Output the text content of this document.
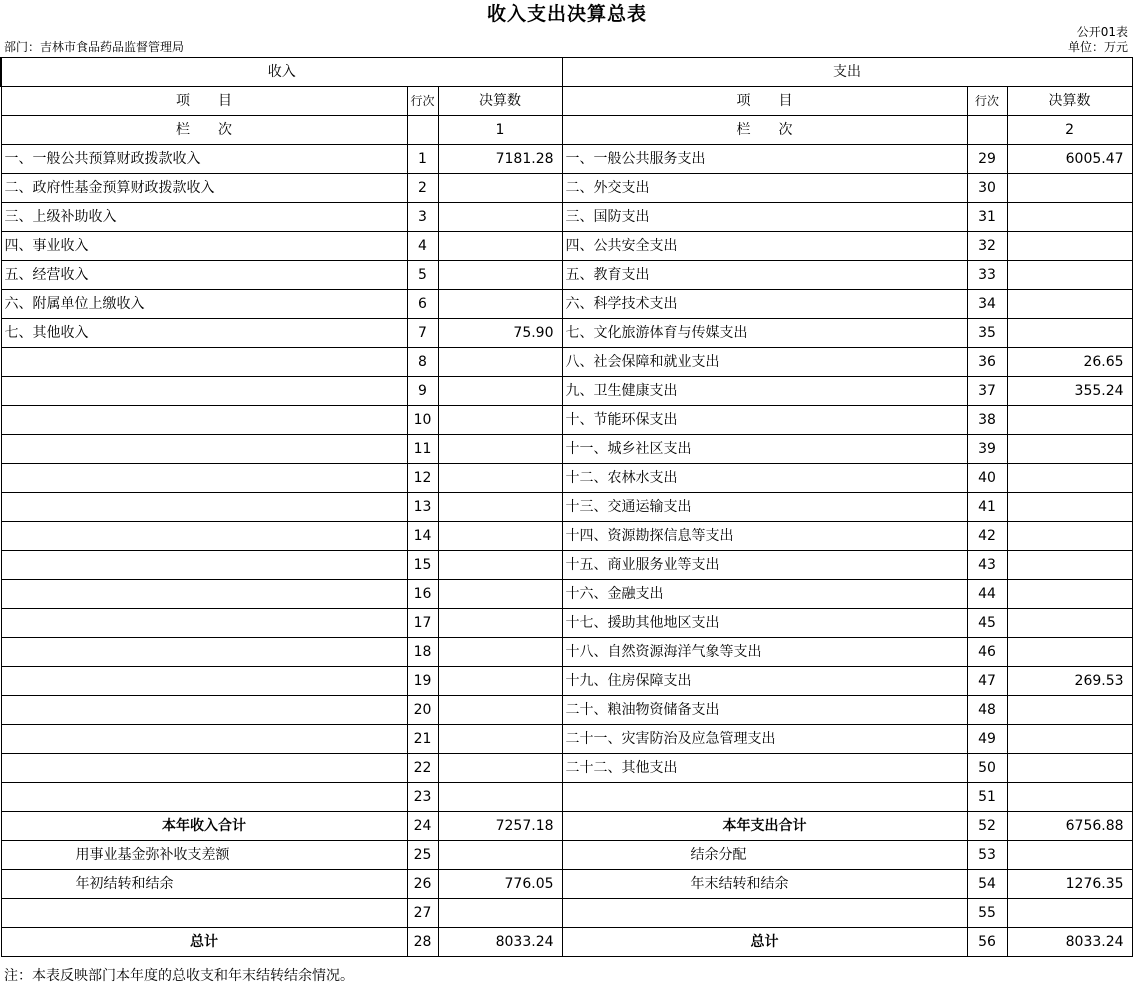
收入支出决算总表
公开01表
部门：吉林市食品药品监督管理局	单位：万元
收入			支出		
项　　目	行次	决算数	项　　目	行次	决算数
栏　　次		1	栏　　次		2
一、一般公共预算财政拨款收入	1	7181.28	一、一般公共服务支出	29	6005.47
二、政府性基金预算财政拨款收入	2		二、外交支出	30	
三、上级补助收入	3		三、国防支出	31	
四、事业收入	4		四、公共安全支出	32	
五、经营收入	5		五、教育支出	33	
六、附属单位上缴收入	6		六、科学技术支出	34	
七、其他收入	7	75.90	七、文化旅游体育与传媒支出	35	
	8		八、社会保障和就业支出	36	26.65
	9		九、卫生健康支出	37	355.24
	10		十、节能环保支出	38	
	11		十一、城乡社区支出	39	
	12		十二、农林水支出	40	
	13		十三、交通运输支出	41	
	14		十四、资源勘探信息等支出	42	
	15		十五、商业服务业等支出	43	
	16		十六、金融支出	44	
	17		十七、援助其他地区支出	45	
	18		十八、自然资源海洋气象等支出	46	
	19		十九、住房保障支出	47	269.53
	20		二十、粮油物资储备支出	48	
	21		二十一、灾害防治及应急管理支出	49	
	22		二十二、其他支出	50	
	23			51	
本年收入合计	24	7257.18	本年支出合计	52	6756.88
用事业基金弥补收支差额	25		结余分配	53	
年初结转和结余	26	776.05	年末结转和结余	54	1276.35
	27			55	
总计	28	8033.24	总计	56	8033.24
注：本表反映部门本年度的总收支和年末结转结余情况。
